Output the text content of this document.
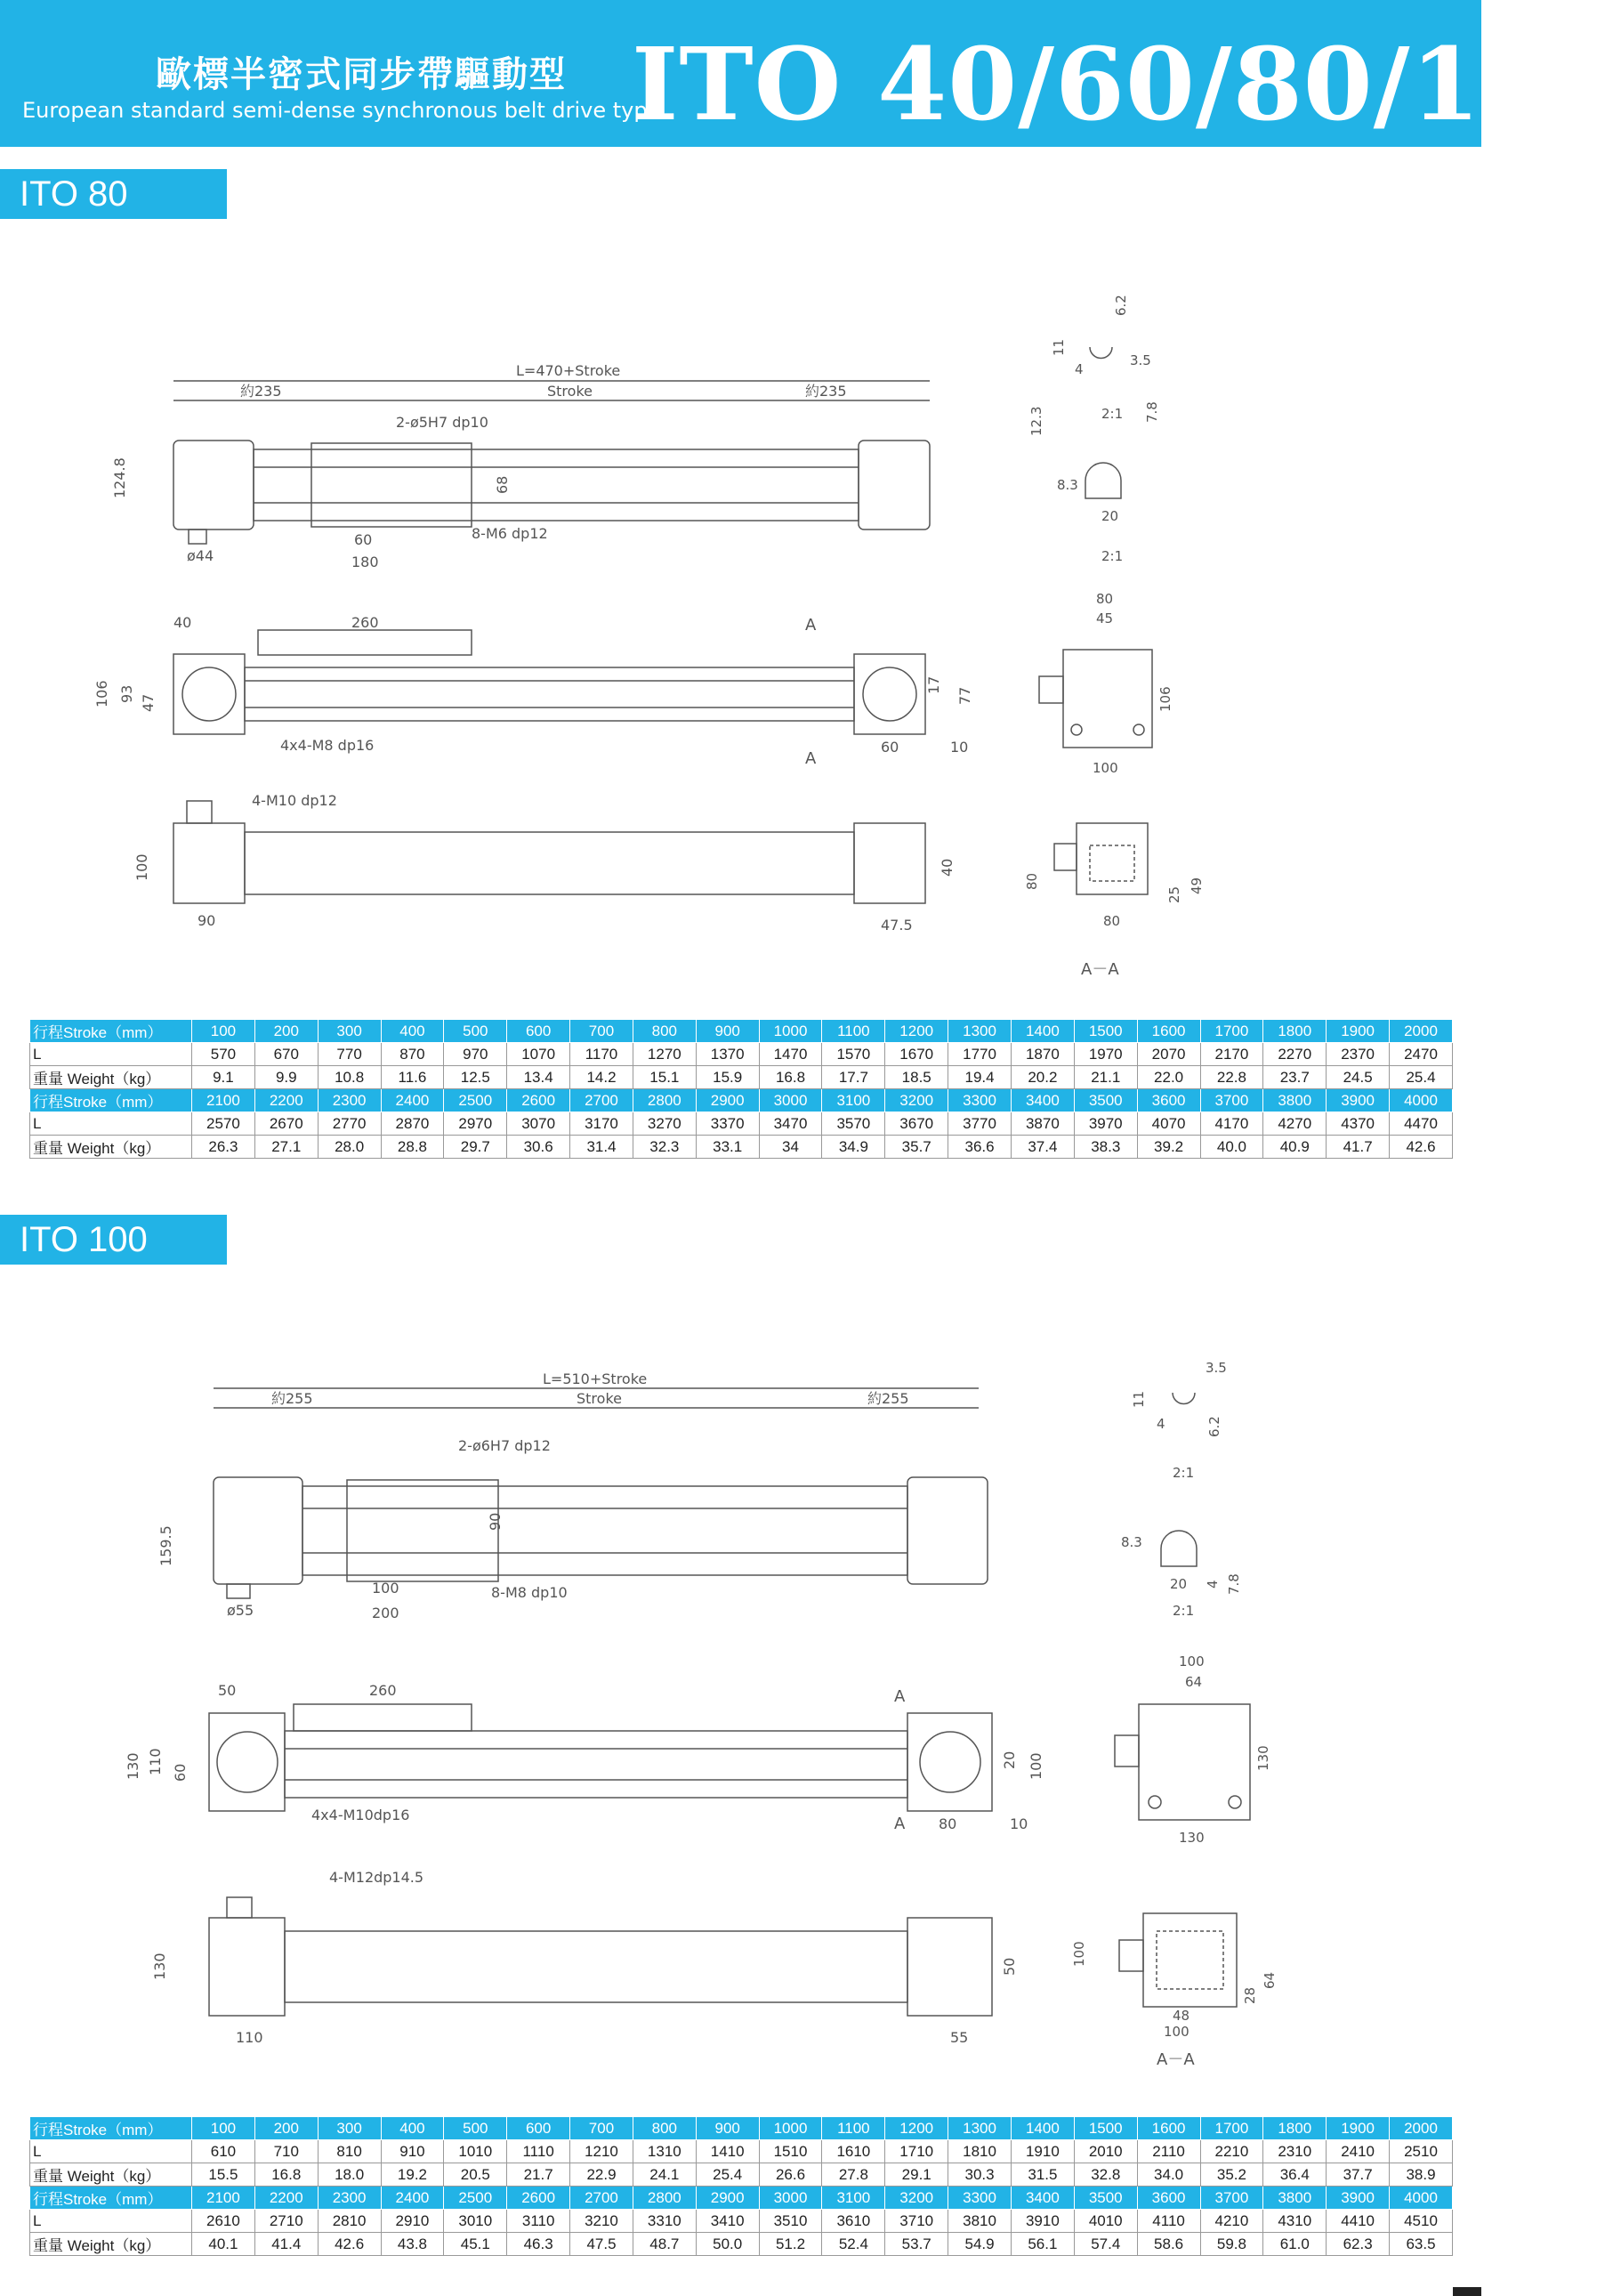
歐標半密式同步帶驅動型
European standard semi-dense synchronous belt drive type
ITO 40/60/80/100
ITO 80
L=470+Stroke
約235	Stroke	約235
2-ø5H7 dp10
124.8
ø44
60
180
68
8-M6 dp12
40	260	A
A
106 93 47
4x4-M8 dp16	60	10
17
77
4-M10 dp12
100
90
40
47.5
6.2
11
4
3.5
2:1
12.3	7.8
8.3
20
2:1
80
45
106
100
80
80
25
49
A－A
行程Stroke（mm）	100	200	300	400	500	600	700	800	900	1000	1100	1200	1300	1400	1500	1600	1700	1800	1900	2000
L	570	670	770	870	970	1070	1170	1270	1370	1470	1570	1670	1770	1870	1970	2070	2170	2270	2370	2470
重量 Weight（kg）	9.1	9.9	10.8	11.6	12.5	13.4	14.2	15.1	15.9	16.8	17.7	18.5	19.4	20.2	21.1	22.0	22.8	23.7	24.5	25.4
行程Stroke（mm）	2100	2200	2300	2400	2500	2600	2700	2800	2900	3000	3100	3200	3300	3400	3500	3600	3700	3800	3900	4000
L	2570	2670	2770	2870	2970	3070	3170	3270	3370	3470	3570	3670	3770	3870	3970	4070	4170	4270	4370	4470
重量 Weight（kg）	26.3	27.1	28.0	28.8	29.7	30.6	31.4	32.3	33.1	34	34.9	35.7	36.6	37.4	38.3	39.2	40.0	40.9	41.7	42.6
ITO 100
L=510+Stroke
約255	Stroke	約255
2-ø6H7 dp12
159.5
ø55
100
200
90
8-M8 dp10
50	260	A
A
130 110 60
4x4-M10dp16
80	10
20 100
4-M12dp14.5
130
110
50
55
3.5
11
4	6.2
2:1
8.3
20 4 7.8
2:1
100
64
130
130
100
48
100
28
64
A－A
行程Stroke（mm）	100	200	300	400	500	600	700	800	900	1000	1100	1200	1300	1400	1500	1600	1700	1800	1900	2000
L	610	710	810	910	1010	1110	1210	1310	1410	1510	1610	1710	1810	1910	2010	2110	2210	2310	2410	2510
重量 Weight（kg）	15.5	16.8	18.0	19.2	20.5	21.7	22.9	24.1	25.4	26.6	27.8	29.1	30.3	31.5	32.8	34.0	35.2	36.4	37.7	38.9
行程Stroke（mm）	2100	2200	2300	2400	2500	2600	2700	2800	2900	3000	3100	3200	3300	3400	3500	3600	3700	3800	3900	4000
L	2610	2710	2810	2910	3010	3110	3210	3310	3410	3510	3610	3710	3810	3910	4010	4110	4210	4310	4410	4510
重量 Weight（kg）	40.1	41.4	42.6	43.8	45.1	46.3	47.5	48.7	50.0	51.2	52.4	53.7	54.9	56.1	57.4	58.6	59.8	61.0	62.3	63.5
